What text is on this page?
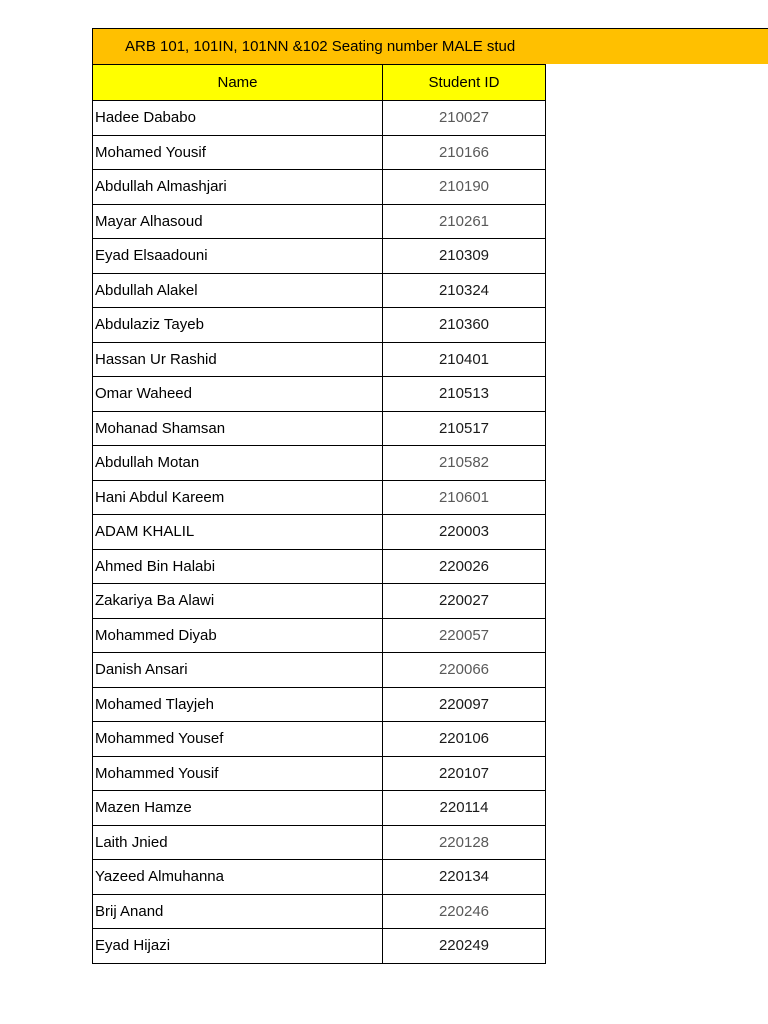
ARB 101, 101IN, 101NN &102 Seating number MALE stud
Name	Student ID
Hadee Dababo	210027
Mohamed Yousif	210166
Abdullah Almashjari	210190
Mayar Alhasoud	210261
Eyad Elsaadouni	210309
Abdullah Alakel	210324
Abdulaziz Tayeb	210360
Hassan Ur Rashid	210401
Omar Waheed	210513
Mohanad Shamsan	210517
Abdullah Motan	210582
Hani Abdul Kareem	210601
ADAM KHALIL	220003
Ahmed Bin Halabi	220026
Zakariya Ba Alawi	220027
Mohammed Diyab	220057
Danish Ansari	220066
Mohamed Tlayjeh	220097
Mohammed Yousef	220106
Mohammed Yousif	220107
Mazen Hamze	220114
Laith Jnied	220128
Yazeed Almuhanna	220134
Brij Anand	220246
Eyad Hijazi	220249
